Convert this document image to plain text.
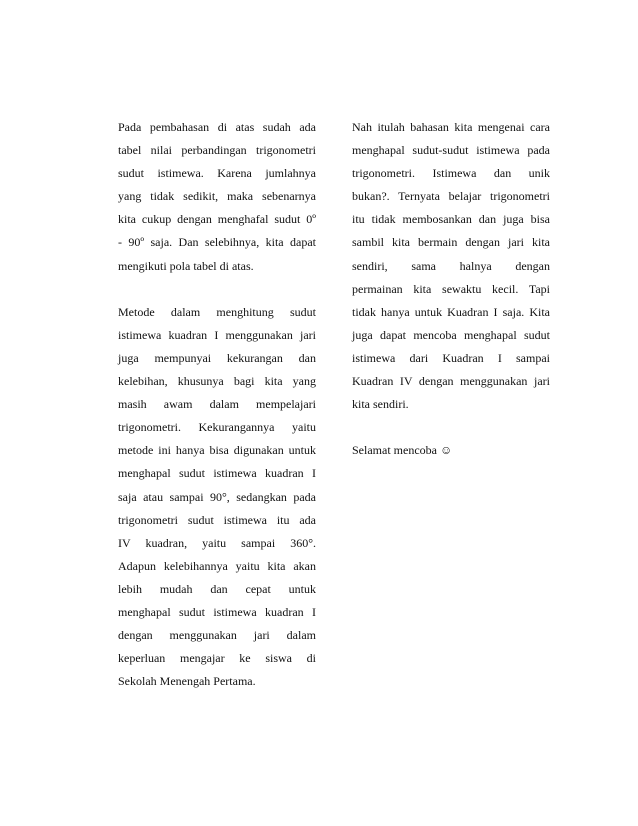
Pada pembahasan di atas sudah ada
tabel nilai perbandingan trigonometri
sudut istimewa. Karena jumlahnya
yang tidak sedikit, maka sebenarnya
kita cukup dengan menghafal sudut 0º
- 90º saja. Dan selebihnya, kita dapat
mengikuti pola tabel di atas.
Metode dalam menghitung sudut
istimewa kuadran I menggunakan jari
juga mempunyai kekurangan dan
kelebihan, khusunya bagi kita yang
masih awam dalam mempelajari
trigonometri. Kekurangannya yaitu
metode ini hanya bisa digunakan untuk
menghapal sudut istimewa kuadran I
saja atau sampai 90°, sedangkan pada
trigonometri sudut istimewa itu ada
IV kuadran, yaitu sampai 360°.
Adapun kelebihannya yaitu kita akan
lebih mudah dan cepat untuk
menghapal sudut istimewa kuadran I
dengan menggunakan jari dalam
keperluan mengajar ke siswa di
Sekolah Menengah Pertama.
Nah itulah bahasan kita mengenai cara
menghapal sudut-sudut istimewa pada
trigonometri. Istimewa dan unik
bukan?. Ternyata belajar trigonometri
itu tidak membosankan dan juga bisa
sambil kita bermain dengan jari kita
sendiri, sama halnya dengan
permainan kita sewaktu kecil. Tapi
tidak hanya untuk Kuadran I saja. Kita
juga dapat mencoba menghapal sudut
istimewa dari Kuadran I sampai
Kuadran IV dengan menggunakan jari
kita sendiri.
Selamat mencoba ☺
